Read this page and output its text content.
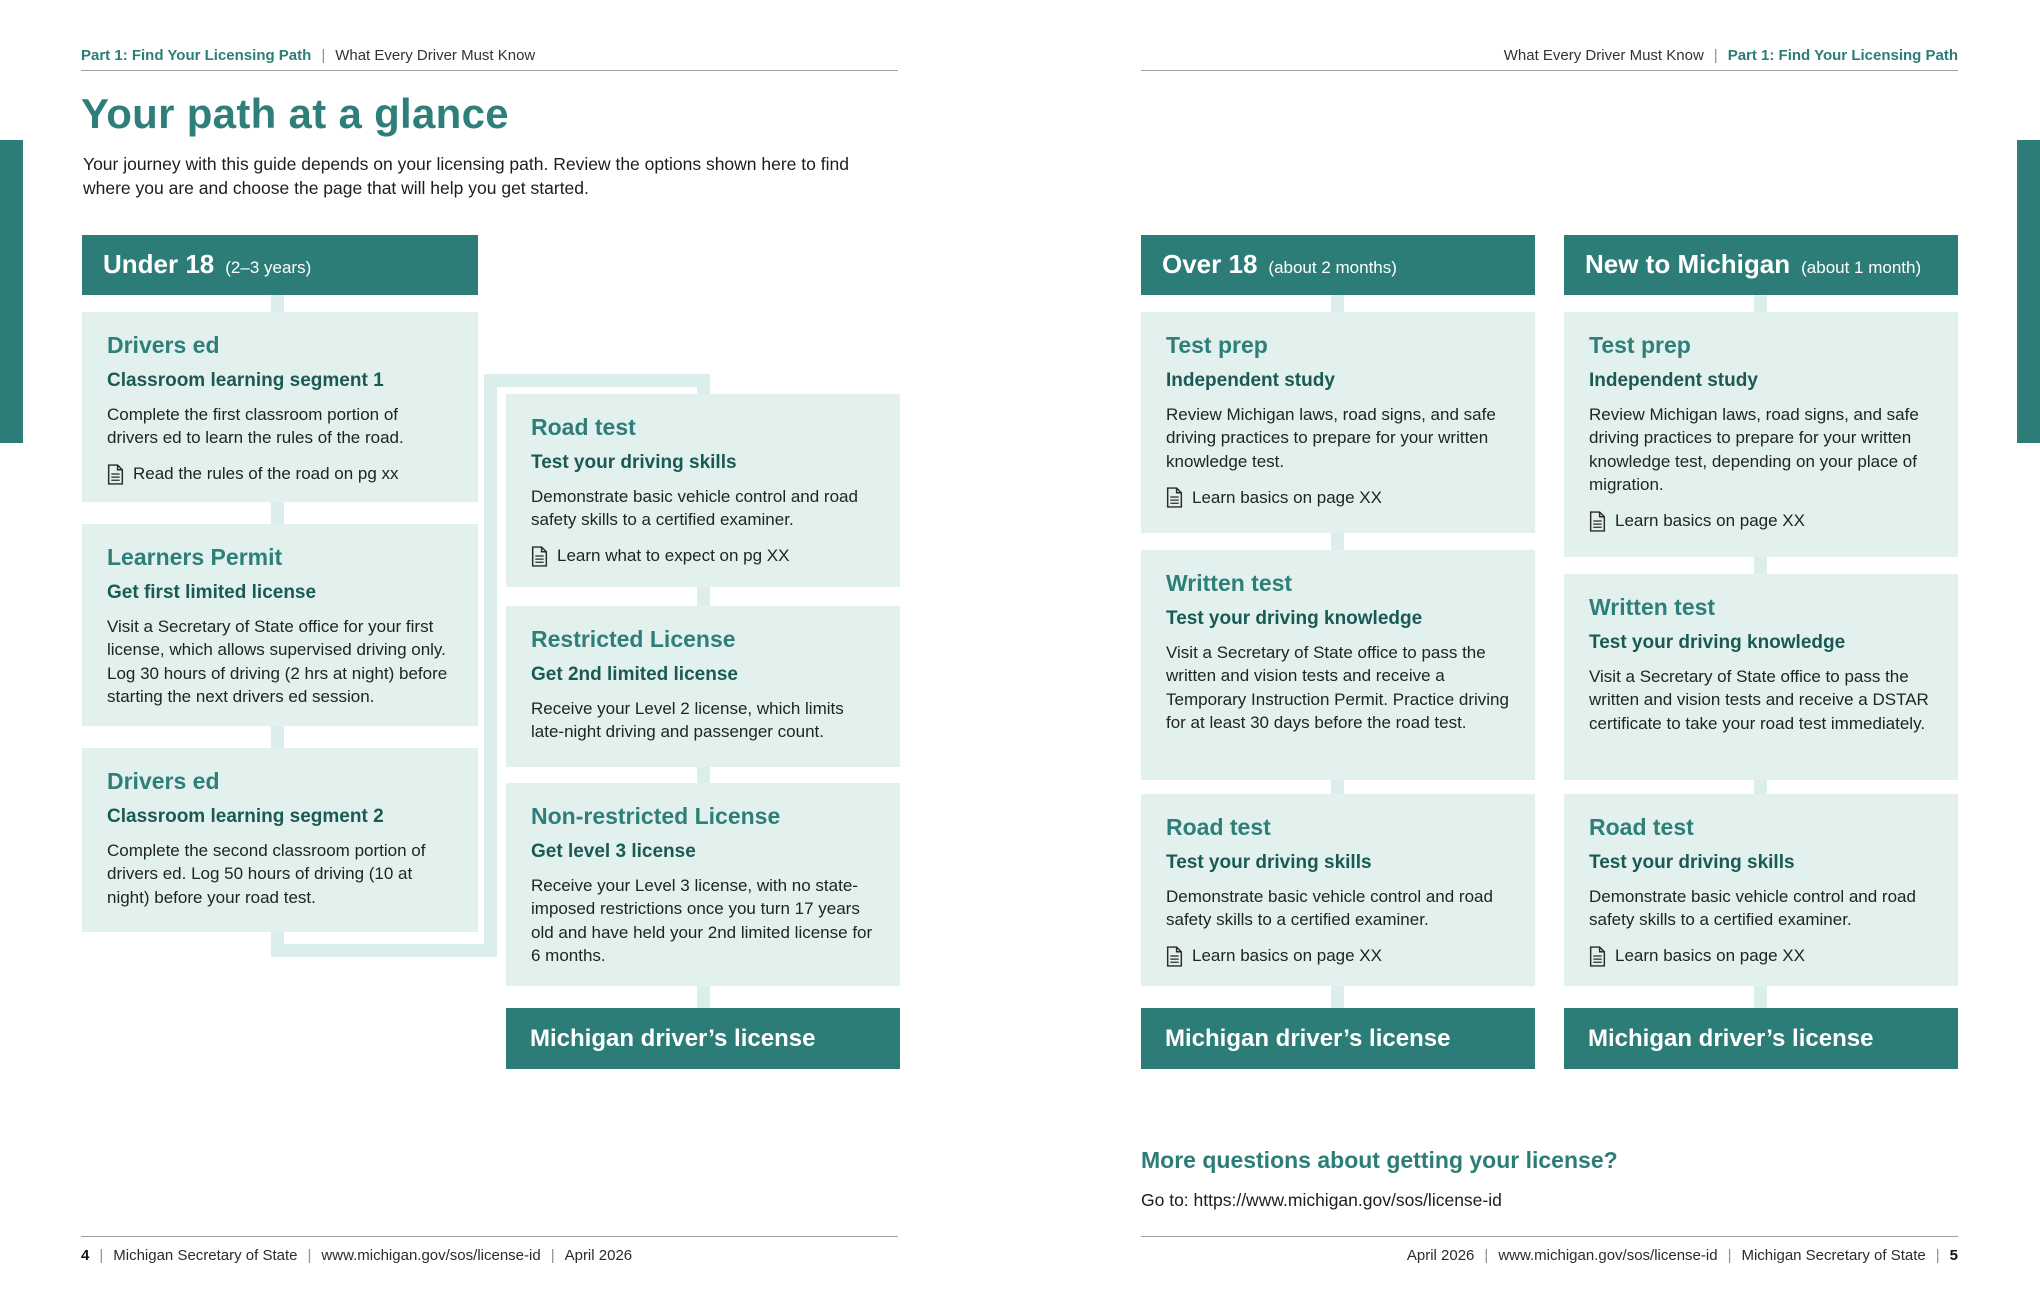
Part 1: Find Your Licensing Path | What Every Driver Must Know
Your path at a glance
Your journey with this guide depends on your licensing path. Review the options shown here to find where you are and choose the page that will help you get started.
Under 18 (2–3 years)
Drivers ed
Classroom learning segment 1

Complete the first classroom portion of drivers ed to learn the rules of the road.

Read the rules of the road on pg xx
Learners Permit
Get first limited license

Visit a Secretary of State office for your first license, which allows supervised driving only. Log 30 hours of driving (2 hrs at night) before starting the next drivers ed session.

Drivers ed
Classroom learning segment 2

Complete the second classroom portion of drivers ed. Log 50 hours of driving (10 at night) before your road test.

Road test
Test your driving skills

Demonstrate basic vehicle control and road safety skills to a certified examiner.

Learn what to expect on pg XX
Restricted License
Get 2nd limited license

Receive your Level 2 license, which limits late-night driving and passenger count.

Non-restricted License
Get level 3 license

Receive your Level 3 license, with no state-imposed restrictions once you turn 17 years old and have held your 2nd limited license for 6 months.

Michigan driver’s license
4 | Michigan Secretary of State | www.michigan.gov/sos/license-id | April 2026
What Every Driver Must Know | Part 1: Find Your Licensing Path
Over 18 (about 2 months)
Test prep
Independent study

Review Michigan laws, road signs, and safe driving practices to prepare for your written knowledge test.

Learn basics on page XX
Written test
Test your driving knowledge

Visit a Secretary of State office to pass the written and vision tests and receive a Temporary Instruction Permit. Practice driving for at least 30 days before the road test.

Road test
Test your driving skills

Demonstrate basic vehicle control and road safety skills to a certified examiner.

Learn basics on page XX
Michigan driver’s license
New to Michigan (about 1 month)
Test prep
Independent study

Review Michigan laws, road signs, and safe driving practices to prepare for your written knowledge test, depending on your place of migration.

Learn basics on page XX
Written test
Test your driving knowledge

Visit a Secretary of State office to pass the written and vision tests and receive a DSTAR certificate to take your road test immediately.

Road test
Test your driving skills

Demonstrate basic vehicle control and road safety skills to a certified examiner.

Learn basics on page XX
Michigan driver’s license
More questions about getting your license?
Go to: https://www.michigan.gov/sos/license-id
April 2026 | www.michigan.gov/sos/license-id | Michigan Secretary of State | 5
